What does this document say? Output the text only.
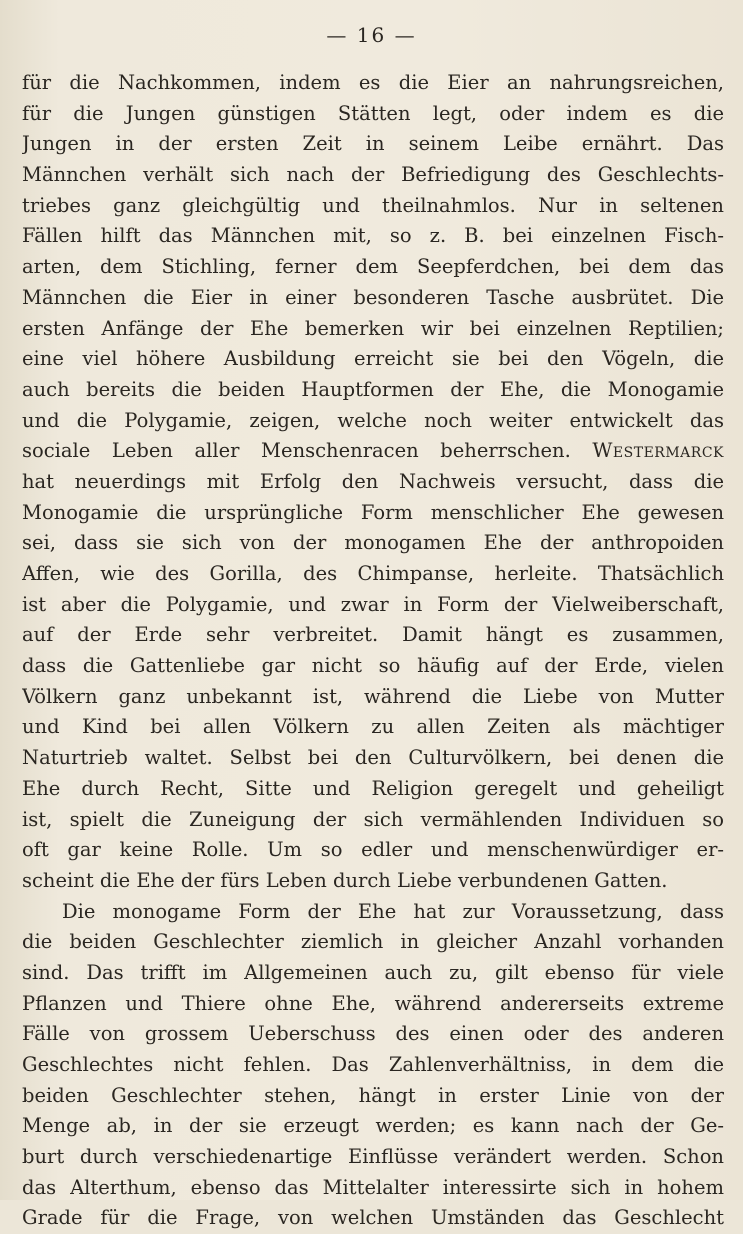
— 16 —
für die Nachkommen, indem es die Eier an nahrungsreichen,
für die Jungen günstigen Stätten legt, oder indem es die
Jungen in der ersten Zeit in seinem Leibe ernährt. Das
Männchen verhält sich nach der Befriedigung des Geschlechts-
triebes ganz gleichgültig und theilnahmlos. Nur in seltenen
Fällen hilft das Männchen mit, so z. B. bei einzelnen Fisch-
arten, dem Stichling, ferner dem Seepferdchen, bei dem das
Männchen die Eier in einer besonderen Tasche ausbrütet. Die
ersten Anfänge der Ehe bemerken wir bei einzelnen Reptilien;
eine viel höhere Ausbildung erreicht sie bei den Vögeln, die
auch bereits die beiden Hauptformen der Ehe, die Monogamie
und die Polygamie, zeigen, welche noch weiter entwickelt das
sociale Leben aller Menschenracen beherrschen. Westermarck
hat neuerdings mit Erfolg den Nachweis versucht, dass die
Monogamie die ursprüngliche Form menschlicher Ehe gewesen
sei, dass sie sich von der monogamen Ehe der anthropoiden
Affen, wie des Gorilla, des Chimpanse, herleite. Thatsächlich
ist aber die Polygamie, und zwar in Form der Vielweiberschaft,
auf der Erde sehr verbreitet. Damit hängt es zusammen,
dass die Gattenliebe gar nicht so häufig auf der Erde, vielen
Völkern ganz unbekannt ist, während die Liebe von Mutter
und Kind bei allen Völkern zu allen Zeiten als mächtiger
Naturtrieb waltet. Selbst bei den Culturvölkern, bei denen die
Ehe durch Recht, Sitte und Religion geregelt und geheiligt
ist, spielt die Zuneigung der sich vermählenden Individuen so
oft gar keine Rolle. Um so edler und menschenwürdiger er-
scheint die Ehe der fürs Leben durch Liebe verbundenen Gatten.
Die monogame Form der Ehe hat zur Voraussetzung, dass
die beiden Geschlechter ziemlich in gleicher Anzahl vorhanden
sind. Das trifft im Allgemeinen auch zu, gilt ebenso für viele
Pflanzen und Thiere ohne Ehe, während andererseits extreme
Fälle von grossem Ueberschuss des einen oder des anderen
Geschlechtes nicht fehlen. Das Zahlenverhältniss, in dem die
beiden Geschlechter stehen, hängt in erster Linie von der
Menge ab, in der sie erzeugt werden; es kann nach der Ge-
burt durch verschiedenartige Einflüsse verändert werden. Schon
das Alterthum, ebenso das Mittelalter interessirte sich in hohem
Grade für die Frage, von welchen Umständen das Geschlecht
